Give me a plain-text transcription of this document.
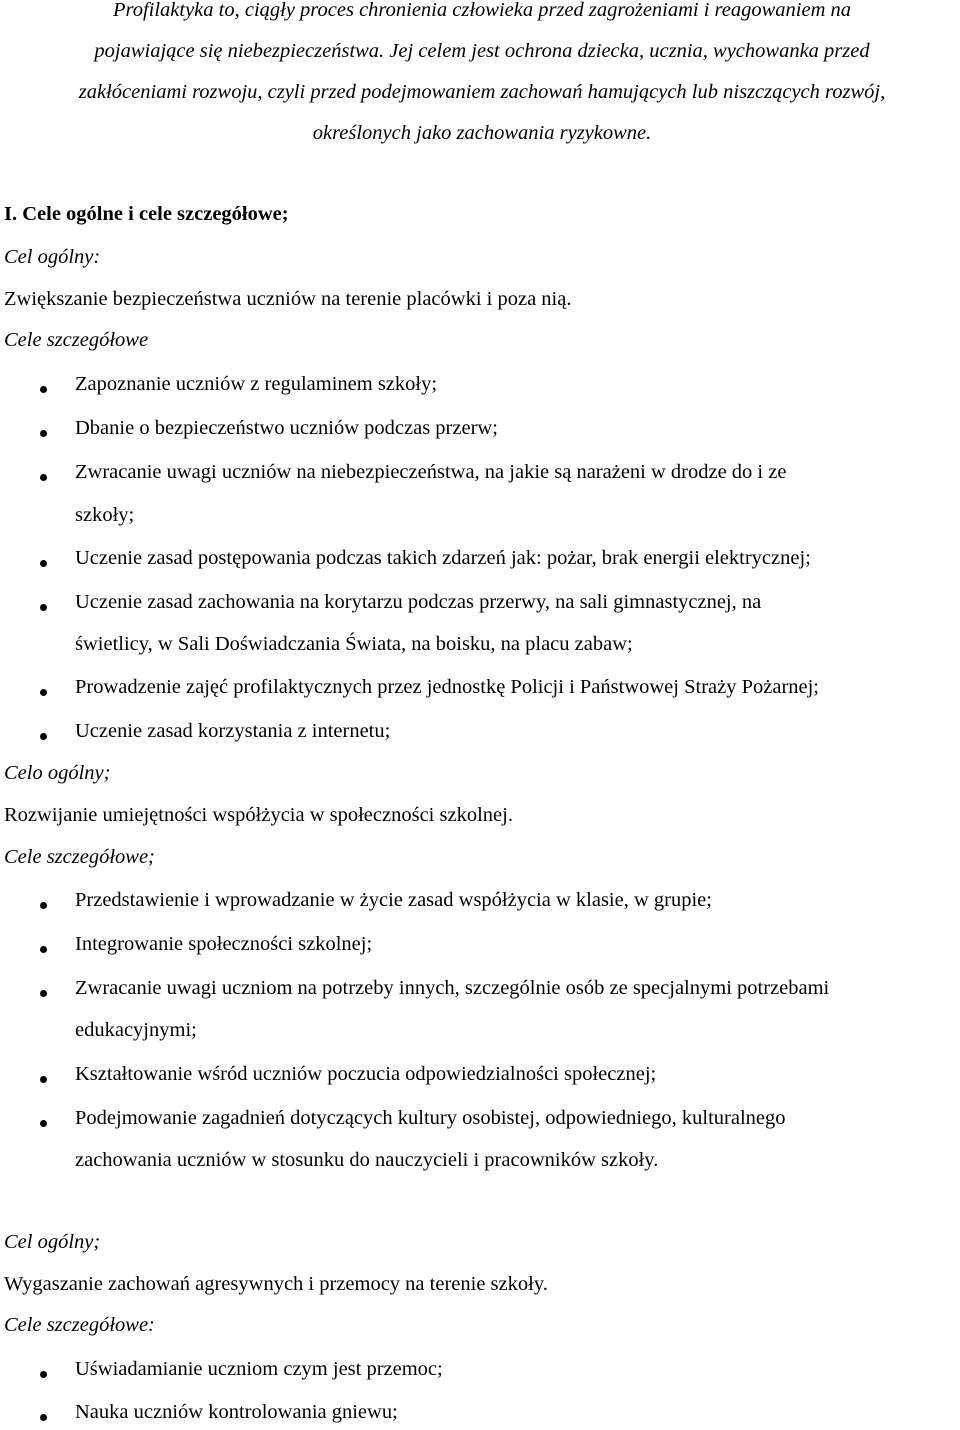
Profilaktyka to, ciągły proces chronienia człowieka przed zagrożeniami i reagowaniem na
pojawiające się niebezpieczeństwa. Jej celem jest ochrona dziecka, ucznia, wychowanka przed
zakłóceniami rozwoju, czyli przed podejmowaniem zachowań hamujących lub niszczących rozwój,
określonych jako zachowania ryzykowne.
I. Cele ogólne i cele szczegółowe;
Cel ogólny:
Zwiększanie bezpieczeństwa uczniów na terenie placówki i poza nią.
Cele szczegółowe
Zapoznanie uczniów z regulaminem szkoły;
Dbanie o bezpieczeństwo uczniów podczas przerw;
Zwracanie uwagi uczniów na niebezpieczeństwa, na jakie są narażeni w drodze do i ze
szkoły;
Uczenie zasad postępowania podczas takich zdarzeń jak: pożar, brak energii elektrycznej;
Uczenie zasad zachowania na korytarzu podczas przerwy, na sali gimnastycznej, na
świetlicy, w Sali Doświadczania Świata, na boisku, na placu zabaw;
Prowadzenie zajęć profilaktycznych przez jednostkę Policji i Państwowej Straży Pożarnej;
Uczenie zasad korzystania z internetu;
Celo ogólny;
Rozwijanie umiejętności współżycia w społeczności szkolnej.
Cele szczegółowe;
Przedstawienie i wprowadzanie w życie zasad współżycia w klasie, w grupie;
Integrowanie społeczności szkolnej;
Zwracanie uwagi uczniom na potrzeby innych, szczególnie osób ze specjalnymi potrzebami
edukacyjnymi;
Kształtowanie wśród uczniów poczucia odpowiedzialności społecznej;
Podejmowanie zagadnień dotyczących kultury osobistej, odpowiedniego, kulturalnego
zachowania uczniów w stosunku do nauczycieli i pracowników szkoły.
Cel ogólny;
Wygaszanie zachowań agresywnych i przemocy na terenie szkoły.
Cele szczegółowe:
Uświadamianie uczniom czym jest przemoc;
Nauka uczniów kontrolowania gniewu;
